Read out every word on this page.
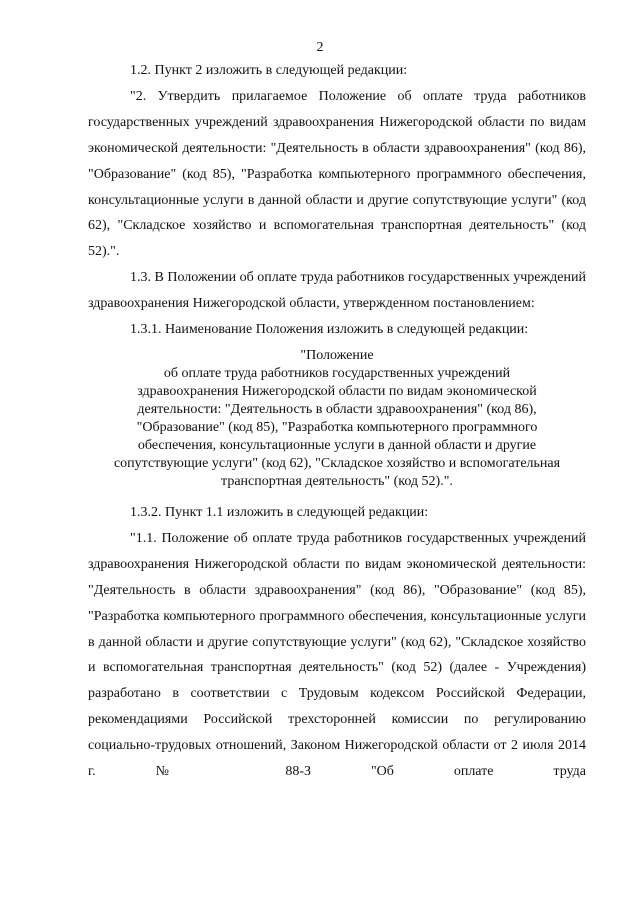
2

1.2. Пункт 2 изложить в следующей редакции:

"2. Утвердить прилагаемое Положение об оплате труда работников государственных учреждений здравоохранения Нижегородской области по видам экономической деятельности: "Деятельность в области здравоохранения" (код 86), "Образование" (код 85), "Разработка компьютерного программного обеспечения, консультационные услуги в данной области и другие сопутствующие услуги" (код 62), "Складское хозяйство и вспомогательная транспортная деятельность" (код 52).".

1.3. В Положении об оплате труда работников государственных учреждений здравоохранения Нижегородской области, утвержденном постановлением:

1.3.1. Наименование Положения изложить в следующей редакции:

"Положение
об оплате труда работников государственных учреждений
здравоохранения Нижегородской области по видам экономической
деятельности: "Деятельность в области здравоохранения" (код 86),
"Образование" (код 85), "Разработка компьютерного программного
обеспечения, консультационные услуги в данной области и другие
сопутствующие услуги" (код 62), "Складское хозяйство и вспомогательная
транспортная деятельность" (код 52).".

1.3.2. Пункт 1.1 изложить в следующей редакции:

"1.1. Положение об оплате труда работников государственных учреждений здравоохранения Нижегородской области по видам экономической деятельности: "Деятельность в области здравоохранения" (код 86), "Образование" (код 85), "Разработка компьютерного программного обеспечения, консультационные услуги в данной области и другие сопутствующие услуги" (код 62), "Складское хозяйство и вспомогательная транспортная деятельность" (код 52) (далее - Учреждения) разработано в соответствии с Трудовым кодексом Российской Федерации, рекомендациями Российской трехсторонней комиссии по регулированию социально-трудовых отношений, Законом Нижегородской области от 2 июля 2014 г. № 88-З "Об оплате труда
